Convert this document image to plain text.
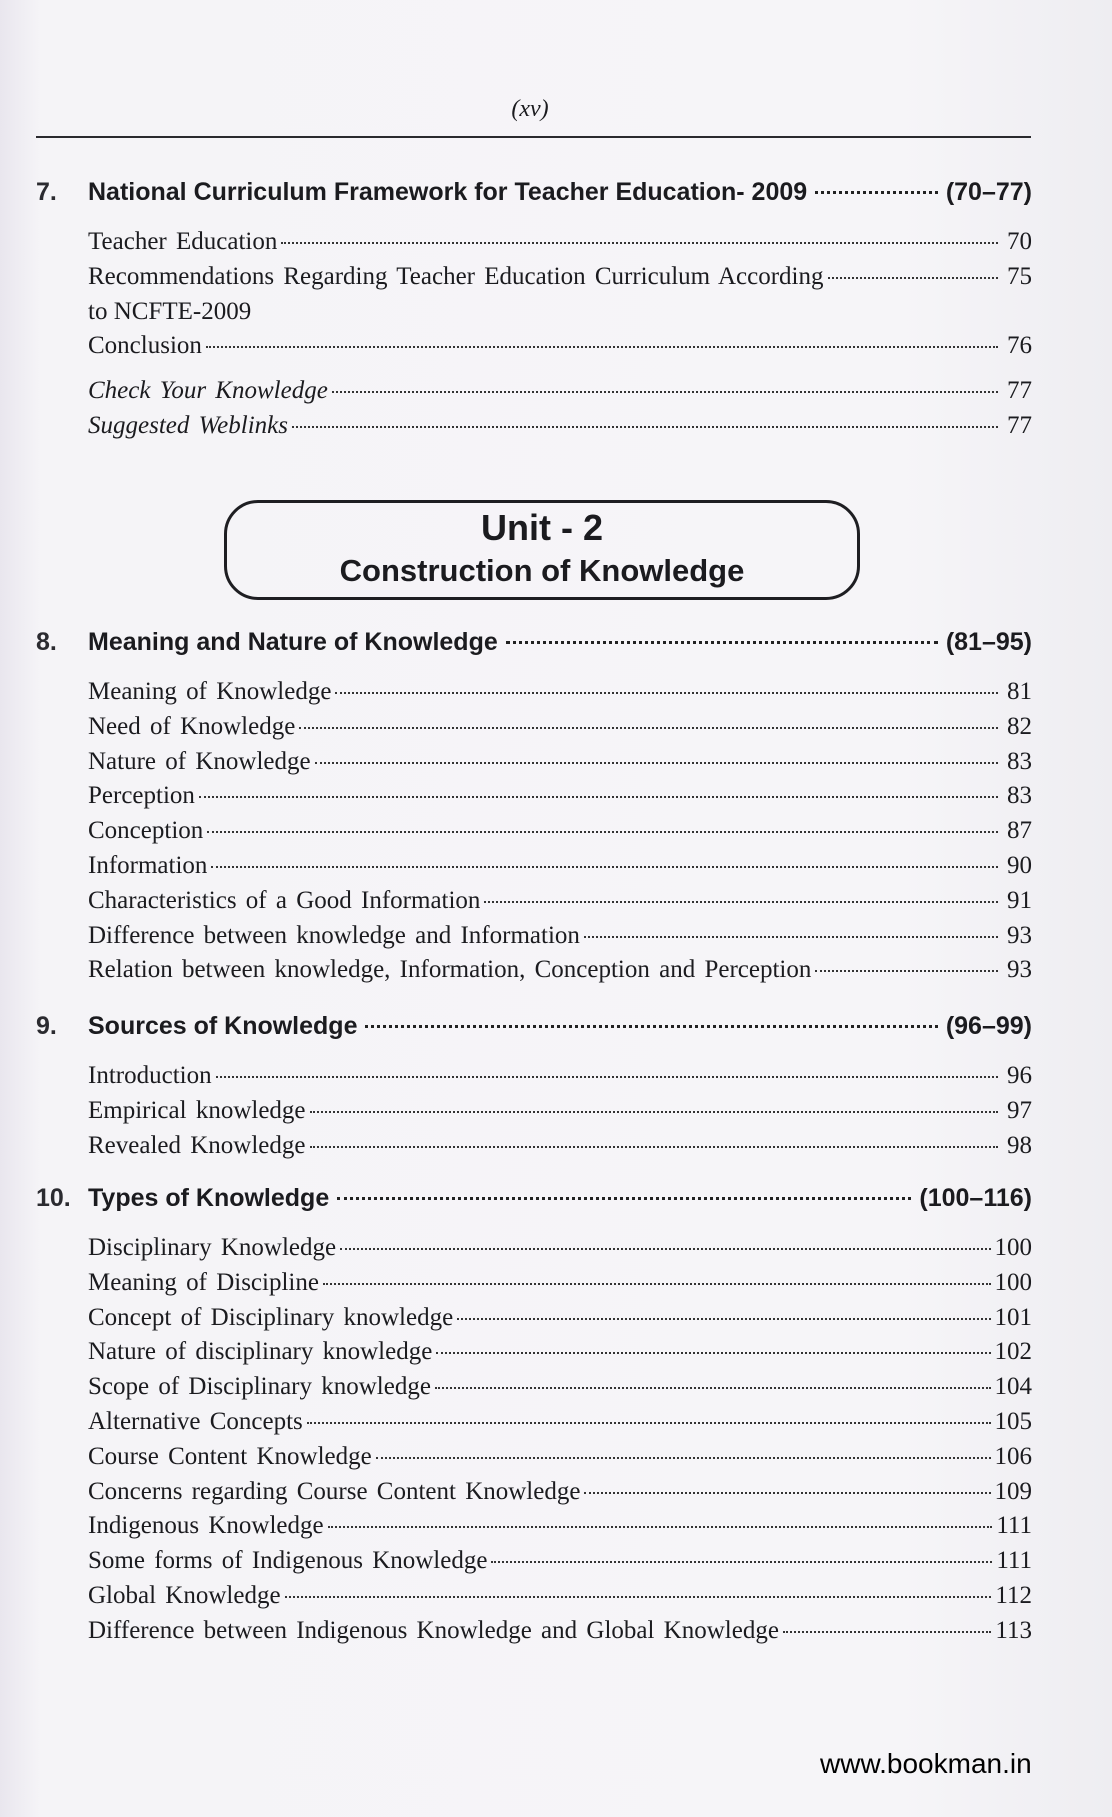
(xv)
Unit - 2
Construction of Knowledge
7.	National Curriculum Framework for Teacher Education- 2009	(70–77)
Teacher Education	70
Recommendations Regarding Teacher Education Curriculum According	75
to NCFTE-2009
Conclusion	76
Check Your Knowledge	77
Suggested Weblinks	77
8.	Meaning and Nature of Knowledge	(81–95)
Meaning of Knowledge	81
Need of Knowledge	82
Nature of Knowledge	83
Perception	83
Conception	87
Information	90
Characteristics of a Good Information	91
Difference between knowledge and Information	93
Relation between knowledge, Information, Conception and Perception	93
9.	Sources of Knowledge	(96–99)
Introduction	96
Empirical knowledge	97
Revealed Knowledge	98
10. Types of Knowledge	(100–116)
Disciplinary Knowledge	100
Meaning of Discipline	100
Concept of Disciplinary knowledge	101
Nature of disciplinary knowledge	102
Scope of Disciplinary knowledge	104
Alternative Concepts	105
Course Content Knowledge	106
Concerns regarding Course Content Knowledge	109
Indigenous Knowledge	111
Some forms of Indigenous Knowledge	111
Global Knowledge	112
Difference between Indigenous Knowledge and Global Knowledge	113
www.bookman.in
